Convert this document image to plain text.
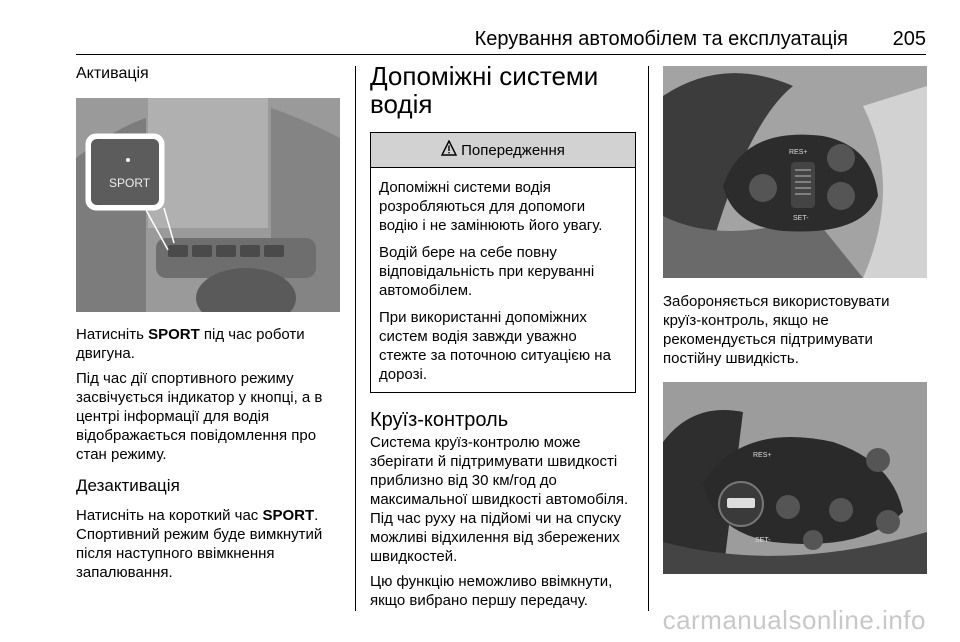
Керування автомобілем та експлуатація 205
Активація
SPORT

Натисніть SPORT під час роботи двигуна.

Під час дії спортивного режиму засвічується індикатор у кнопці, а в центрі інформації для водія відображається повідомлення про стан режиму.

Дезактивація

Натисніть на короткий час SPORT. Спортивний режим буде вимкнутий після наступного ввімкнення запалювання.

Допоміжні системи водія
Попередження

Допоміжні системи водія розробляються для допомоги водію і не замінюють його увагу.

Водій бере на себе повну відповідальність при керуванні автомобілем.

При використанні допоміжних систем водія завжди уважно стежте за поточною ситуацією на дорозі.

Круїз-контроль

Система круїз-контролю може зберігати й підтримувати швидкості приблизно від 30 км/год до максимальної швидкості автомобіля. Під час руху на підйомі чи на спуску можливі відхилення від збережених швидкостей.

Цю функцію неможливо ввімкнути, якщо вибрано першу передачу.

RES+
SET-

Забороняється використовувати круїз-контроль, якщо не рекомендується підтримувати постійну швидкість.

RES+
SET-
carmanualsonline.info
